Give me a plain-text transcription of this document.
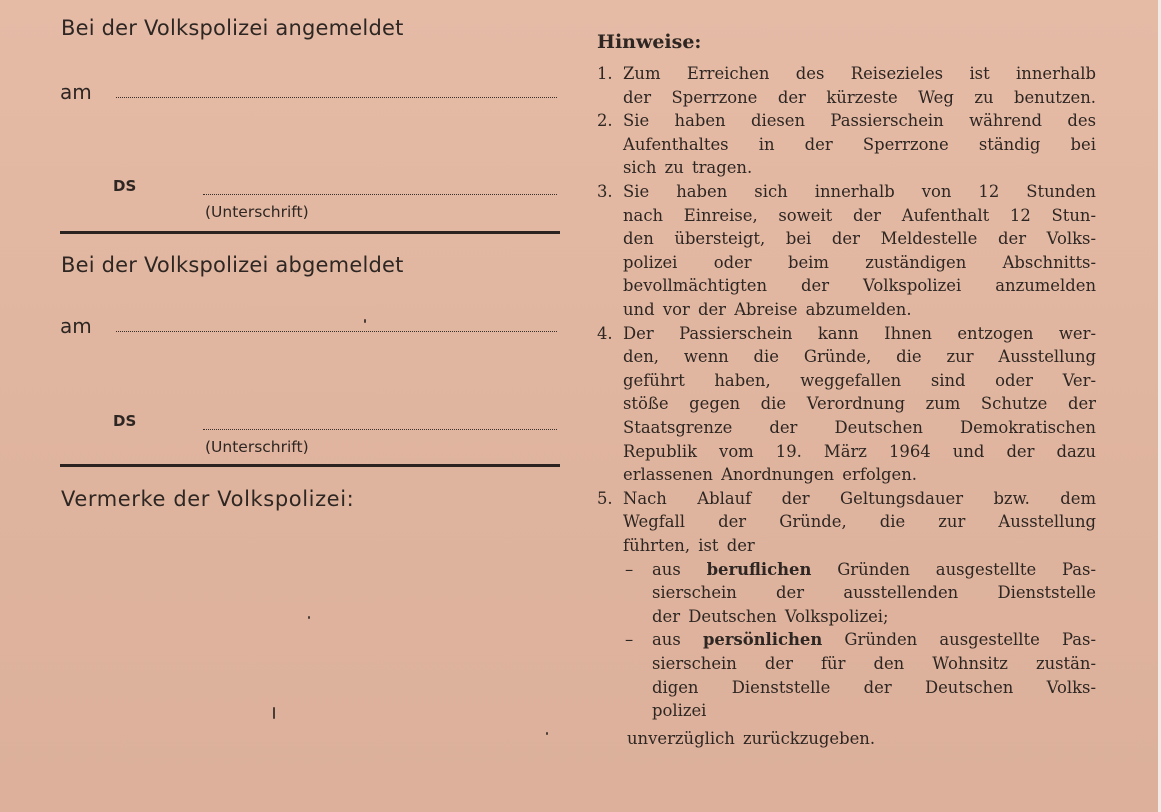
Bei der Volkspolizei angemeldet
am
DS
(Unterschrift)
Bei der Volkspolizei abgemeldet
am
DS
(Unterschrift)
Vermerke der Volkspolizei:
Hinweise:
1. Zum Erreichen des Reisezieles ist innerhalb
der Sperrzone der kürzeste Weg zu benutzen.
2. Sie haben diesen Passierschein während des
Aufenthaltes in der Sperrzone ständig bei
sich zu tragen.
3. Sie haben sich innerhalb von 12 Stunden
nach Einreise, soweit der Aufenthalt 12 Stun-
den übersteigt, bei der Meldestelle der Volks-
polizei oder beim zuständigen Abschnitts-
bevollmächtigten der Volkspolizei anzumelden
und vor der Abreise abzumelden.
4. Der Passierschein kann Ihnen entzogen wer-
den, wenn die Gründe, die zur Ausstellung
geführt haben, weggefallen sind oder Ver-
stöße gegen die Verordnung zum Schutze der
Staatsgrenze der Deutschen Demokratischen
Republik vom 19. März 1964 und der dazu
erlassenen Anordnungen erfolgen.
5. Nach Ablauf der Geltungsdauer bzw. dem
Wegfall der Gründe, die zur Ausstellung
führten, ist der
– aus beruflichen Gründen ausgestellte Pas-
sierschein der ausstellenden Dienststelle
der Deutschen Volkspolizei;
– aus persönlichen Gründen ausgestellte Pas-
sierschein der für den Wohnsitz zustän-
digen Dienststelle der Deutschen Volks-
polizei
unverzüglich zurückzugeben.
